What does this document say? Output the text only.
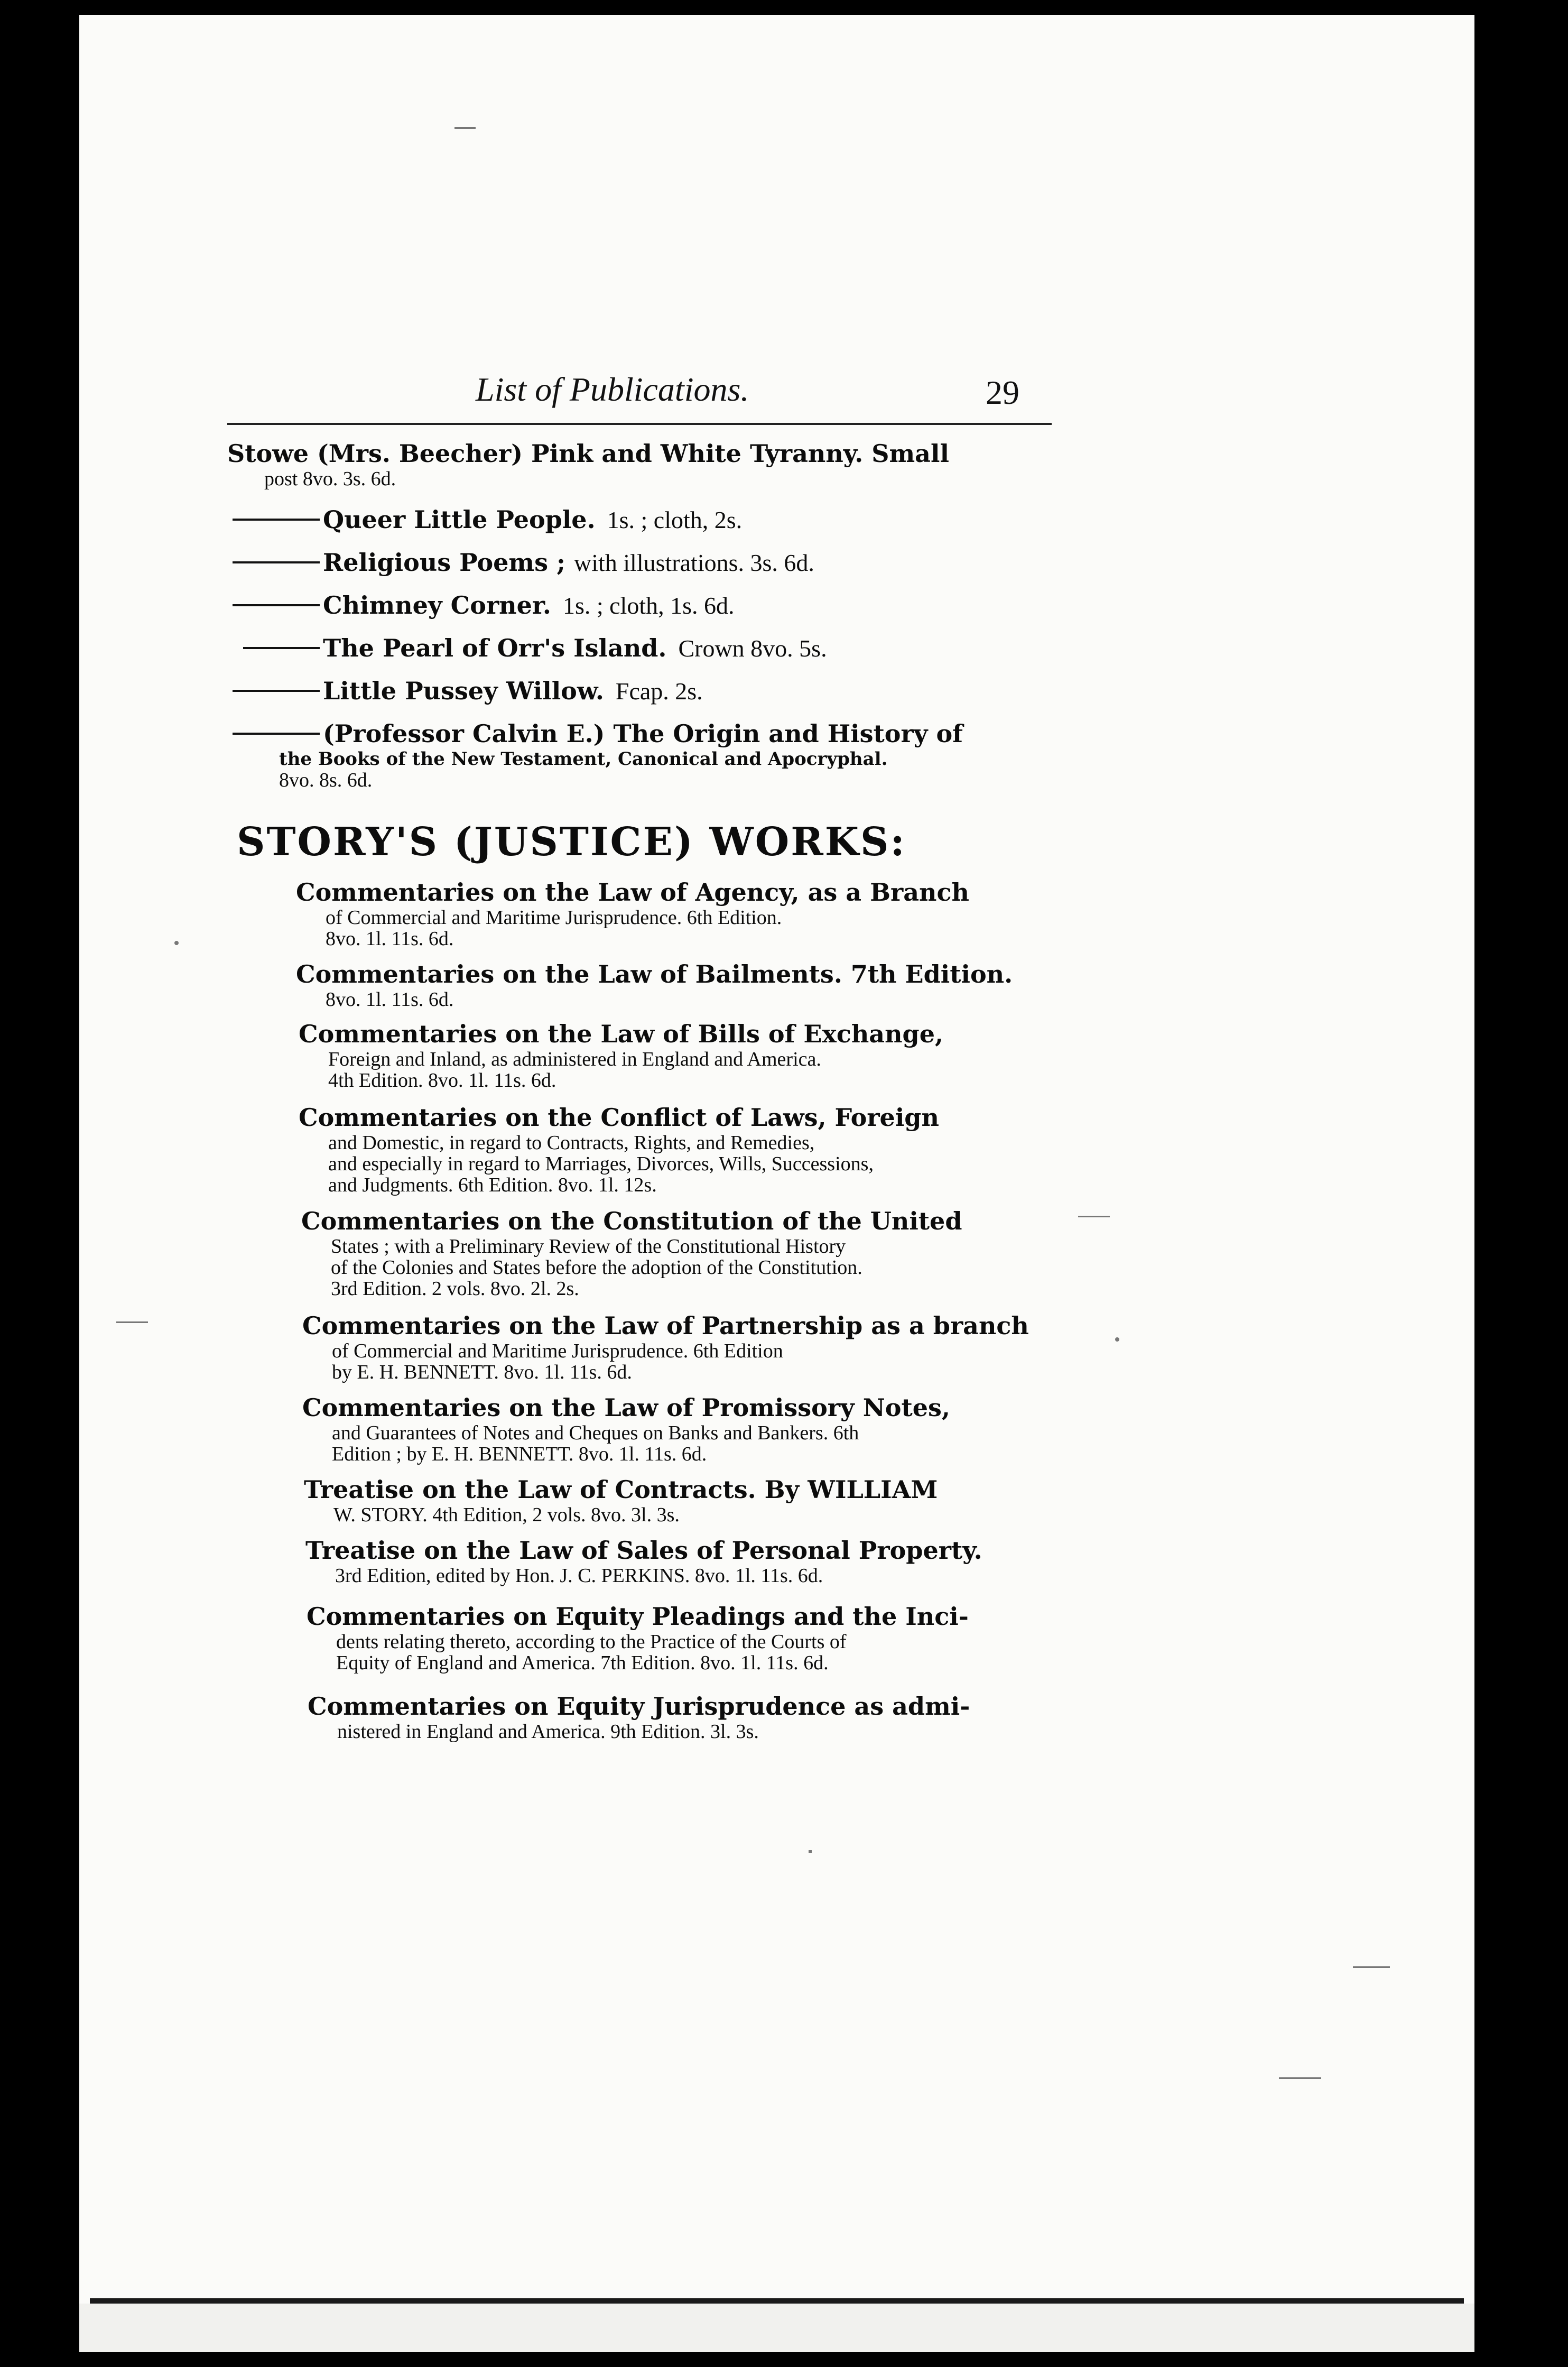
List of Publications.	29
Stowe (Mrs. Beecher) Pink and White Tyranny. Small
post 8vo. 3s. 6d.
Queer Little People. 1s. ; cloth, 2s.
Religious Poems ; with illustrations. 3s. 6d.
Chimney Corner. 1s. ; cloth, 1s. 6d.
The Pearl of Orr's Island. Crown 8vo. 5s.
Little Pussey Willow. Fcap. 2s.
(Professor Calvin E.) The Origin and History of
the Books of the New Testament, Canonical and Apocryphal.
8vo. 8s. 6d.
STORY'S (JUSTICE) WORKS:
Commentaries on the Law of Agency, as a Branch
of Commercial and Maritime Jurisprudence. 6th Edition.
8vo. 1l. 11s. 6d.
Commentaries on the Law of Bailments. 7th Edition.
8vo. 1l. 11s. 6d.
Commentaries on the Law of Bills of Exchange,
Foreign and Inland, as administered in England and America.
4th Edition. 8vo. 1l. 11s. 6d.
Commentaries on the Conflict of Laws, Foreign
and Domestic, in regard to Contracts, Rights, and Remedies,
and especially in regard to Marriages, Divorces, Wills, Successions,
and Judgments. 6th Edition. 8vo. 1l. 12s.
Commentaries on the Constitution of the United
States ; with a Preliminary Review of the Constitutional History
of the Colonies and States before the adoption of the Constitution.
3rd Edition. 2 vols. 8vo. 2l. 2s.
Commentaries on the Law of Partnership as a branch
of Commercial and Maritime Jurisprudence. 6th Edition
by E. H. BENNETT. 8vo. 1l. 11s. 6d.
Commentaries on the Law of Promissory Notes,
and Guarantees of Notes and Cheques on Banks and Bankers. 6th
Edition ; by E. H. BENNETT. 8vo. 1l. 11s. 6d.
Treatise on the Law of Contracts. By WILLIAM
W. STORY. 4th Edition, 2 vols. 8vo. 3l. 3s.
Treatise on the Law of Sales of Personal Property.
3rd Edition, edited by Hon. J. C. PERKINS. 8vo. 1l. 11s. 6d.
Commentaries on Equity Pleadings and the Inci-
dents relating thereto, according to the Practice of the Courts of
Equity of England and America. 7th Edition. 8vo. 1l. 11s. 6d.
Commentaries on Equity Jurisprudence as admi-
nistered in England and America. 9th Edition. 3l. 3s.
